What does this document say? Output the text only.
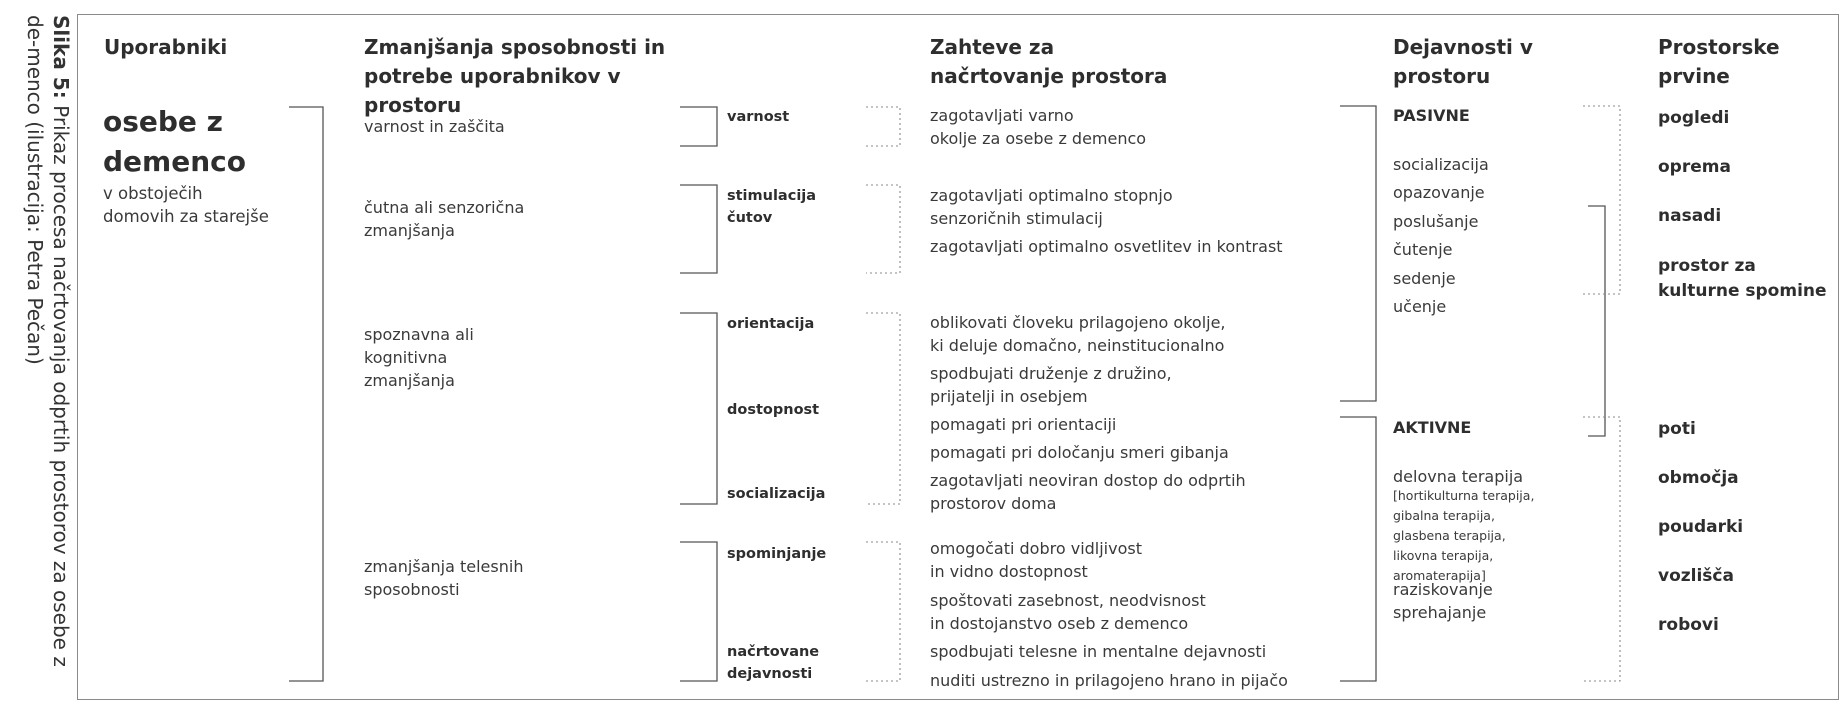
Slika 5: Prikaz procesa načrtovanja odprtih prostorov za osebe z de-menco (ilustracija: Petra Pečan)	Uporabniki	Zmanjšanja sposobnosti in potrebe uporabnikov v prostoru
Zahteve za načrtovanje prostora
Dejavnosti v prostoru
Prostorske prvine
osebe z
demenco
v obstoječih
domovih za starejše
varnost in zaščita
čutna ali senzorična zmanjšanja
spoznavna ali kognitivna zmanjšanja
zmanjšanja telesnih sposobnosti
varnost
stimulacija čutov
orientacija
dostopnost
socializacija
spominjanje
načrtovane dejavnosti
zagotavljati varno
okolje za osebe z demenco
zagotavljati optimalno stopnjo
senzoričnih stimulacij
zagotavljati optimalno osvetlitev in kontrast
oblikovati človeku prilagojeno okolje,
ki deluje domačno, neinstitucionalno
spodbujati druženje z družino,
prijatelji in osebjem
pomagati pri orientaciji
pomagati pri določanju smeri gibanja
zagotavljati neoviran dostop do odprtih
prostorov doma
omogočati dobro vidljivost
in vidno dostopnost
spoštovati zasebnost, neodvisnost
in dostojanstvo oseb z demenco
spodbujati telesne in mentalne dejavnosti
nuditi ustrezno in prilagojeno hrano in pijačo
PASIVNE
socializacija
opazovanje
poslušanje
čutenje
sedenje
učenje
AKTIVNE
delovna terapija
[hortikulturna terapija, gibalna terapija, glasbena terapija, likovna terapija, aromaterapija]
raziskovanje
sprehajanje
pogledi
oprema
nasadi
prostor za kulturne spomine
poti
območja
poudarki
vozlišča
robovi
